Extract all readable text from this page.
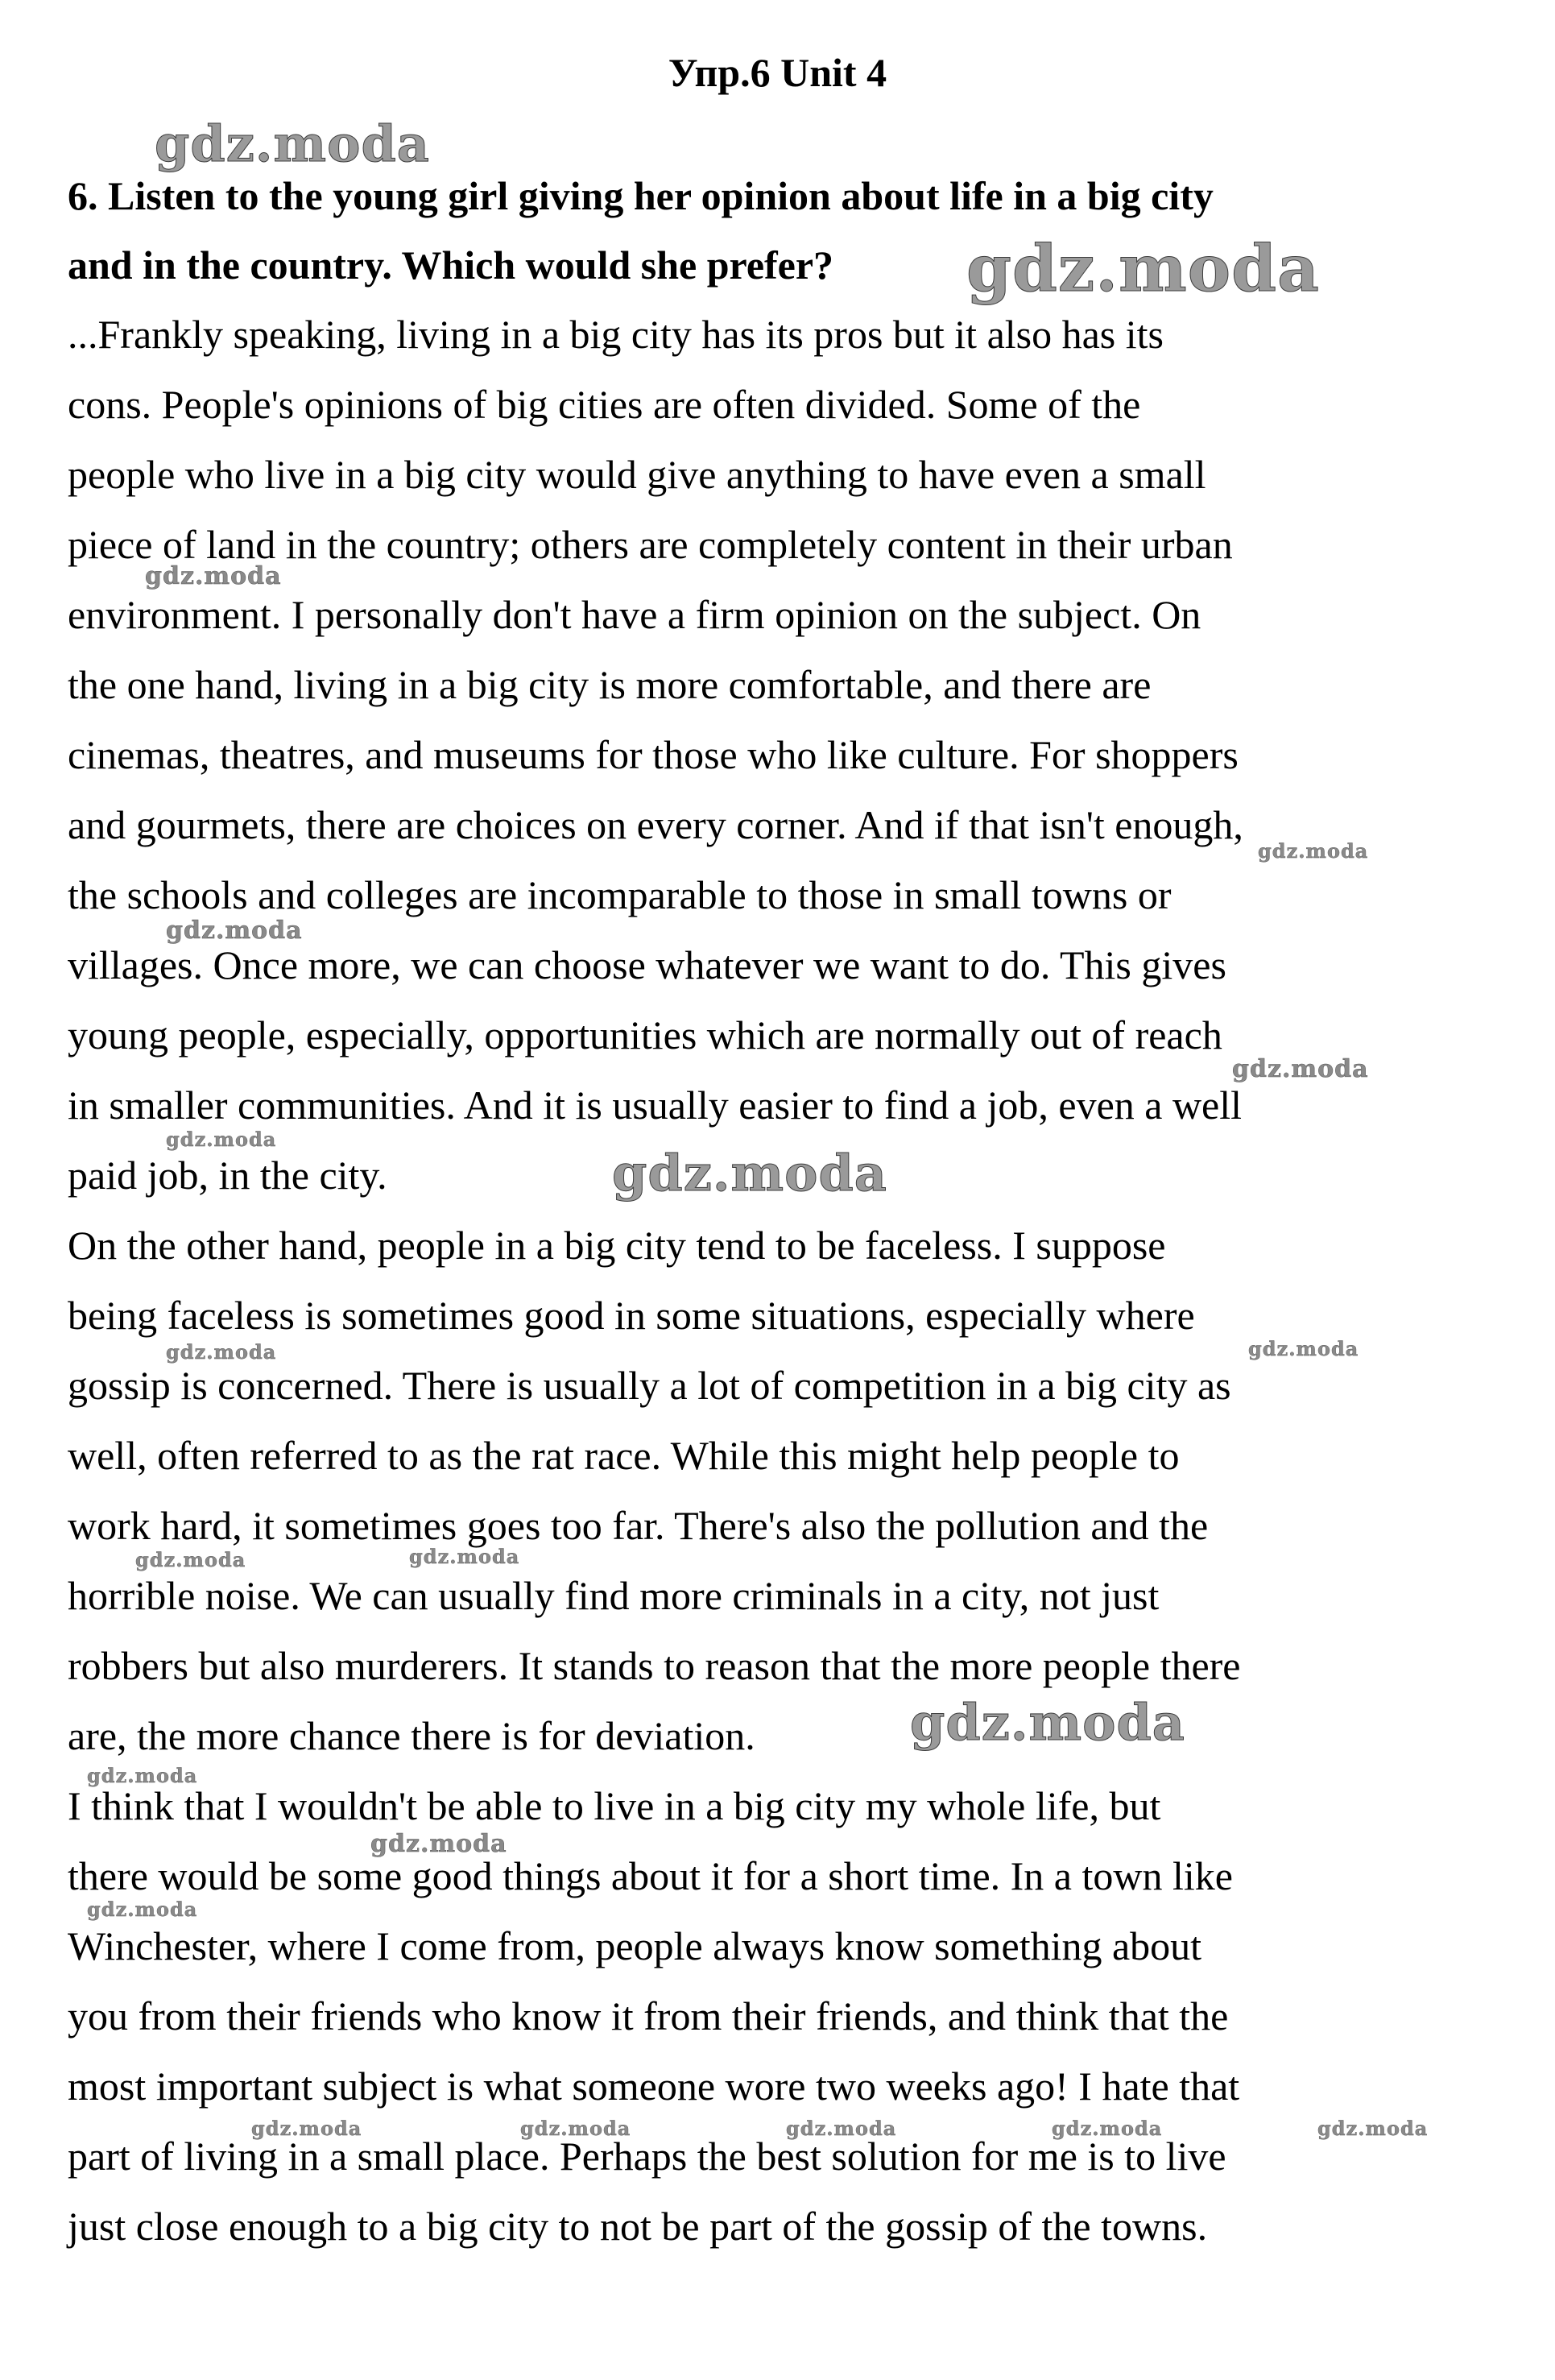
Упр.6 Unit 4
6. Listen to the young girl giving her opinion about life in a big city
and in the country. Which would she prefer?
...Frankly speaking, living in a big city has its pros but it also has its
cons. People's opinions of big cities are often divided. Some of the
people who live in a big city would give anything to have even a small
piece of land in the country; others are completely content in their urban
environment. I personally don't have a firm opinion on the subject. On
the one hand, living in a big city is more comfortable, and there are
cinemas, theatres, and museums for those who like culture. For shoppers
and gourmets, there are choices on every corner. And if that isn't enough,
the schools and colleges are incomparable to those in small towns or
villages. Once more, we can choose whatever we want to do. This gives
young people, especially, opportunities which are normally out of reach
in smaller communities. And it is usually easier to find a job, even a well
paid job, in the city.
On the other hand, people in a big city tend to be faceless. I suppose
being faceless is sometimes good in some situations, especially where
gossip is concerned. There is usually a lot of competition in a big city as
well, often referred to as the rat race. While this might help people to
work hard, it sometimes goes too far. There's also the pollution and the
horrible noise. We can usually find more criminals in a city, not just
robbers but also murderers. It stands to reason that the more people there
are, the more chance there is for deviation.
I think that I wouldn't be able to live in a big city my whole life, but
there would be some good things about it for a short time. In a town like
Winchester, where I come from, people always know something about
you from their friends who know it from their friends, and think that the
most important subject is what someone wore two weeks ago! I hate that
part of living in a small place. Perhaps the best solution for me is to live
just close enough to a big city to not be part of the gossip of the towns.
gdz.moda
gdz.moda
gdz.moda
gdz.moda
gdz.moda
gdz.moda
gdz.moda
gdz.moda
gdz.moda	gdz.moda
gdz.moda	gdz.moda
gdz.moda
gdz.moda
gdz.moda
gdz.moda
gdz.moda	gdz.moda	gdz.moda	gdz.moda	gdz.moda
